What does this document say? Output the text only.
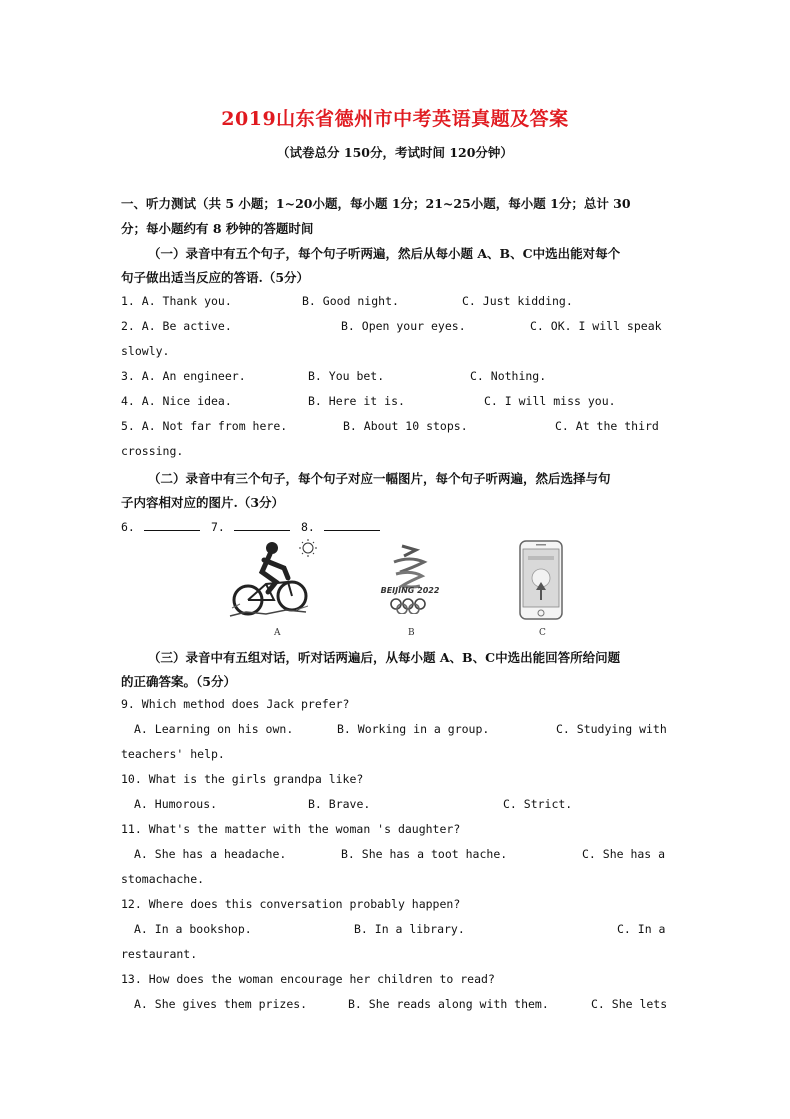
2019山东省德州市中考英语真题及答案
（试卷总分 150分，考试时间 120分钟）
一、听力测试（共 5 小题；1~20小题，每小题 1分；21~25小题，每小题 1分；总计 30
分；每小题约有 8 秒钟的答题时间
（一）录音中有五个句子，每个句子听两遍，然后从每小题 A、B、C中选出能对每个
句子做出适当反应的答语.（5分）
1. A. Thank you.	B. Good night.	C. Just kidding.
2. A. Be active.	B. Open your eyes.	C. OK. I will speak
slowly.
3. A. An engineer.	B. You bet.	C. Nothing.
4. A. Nice idea.	B. Here it is.	C. I will miss you.
5. A. Not far from here.	B. About 10 stops.	C. At the third
crossing.
（二）录音中有三个句子，每个句子对应一幅图片，每个句子听两遍，然后选择与句
子内容相对应的图片.（3分）
6.	7.	8.
A
BEIJING 2022
B	C
（三）录音中有五组对话，听对话两遍后，从每小题 A、B、C中选出能回答所给问题
的正确答案。（5分）
9. Which method does Jack prefer?
A. Learning on his own.	B. Working in a group.	C. Studying with
teachers' help.
10. What is the girls grandpa like?
A. Humorous.	B. Brave.	C. Strict.
11. What's the matter with the woman 's daughter?
A. She has a headache.	B. She has a toot hache.	C. She has a
stomachache.
12. Where does this conversation probably happen?
A. In a bookshop.	B. In a library.	C. In a
restaurant.
13. How does the woman encourage her children to read?
A. She gives them prizes.	B. She reads along with them.	C. She lets
